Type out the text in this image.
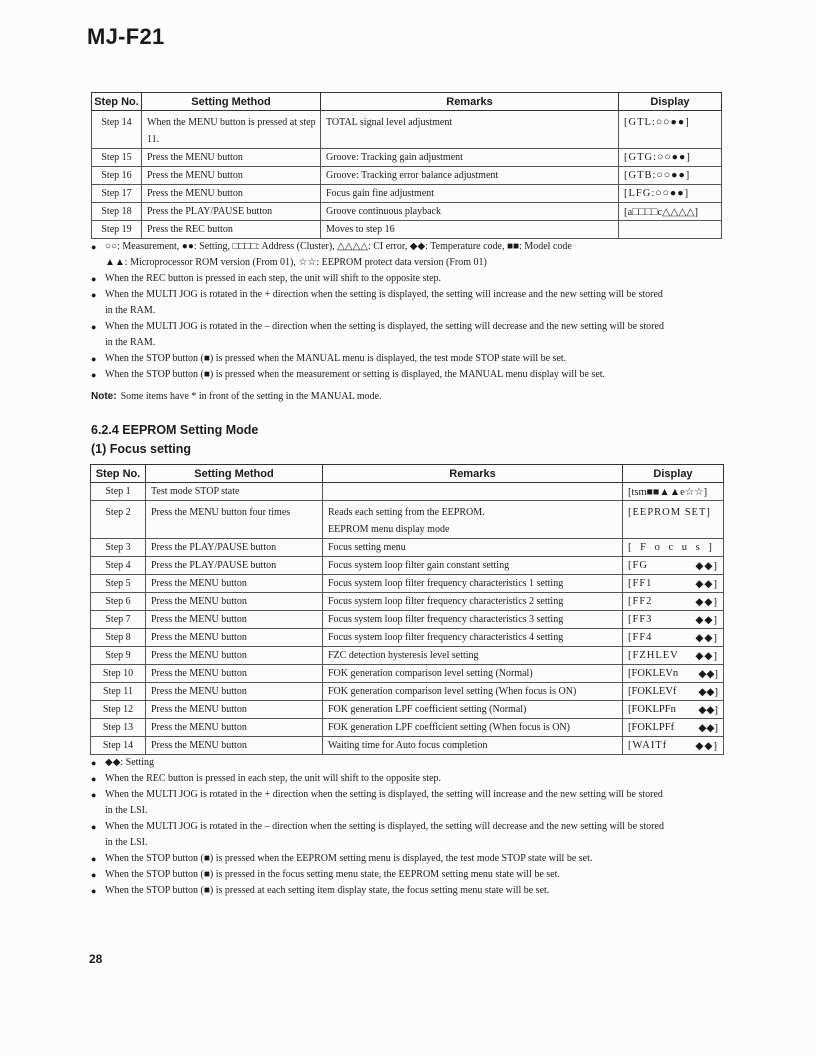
MJ-F21
Step No.	Setting Method	Remarks	Display
Step 14	When the MENU button is pressed at step 11.	TOTAL signal level adjustment	[GTL:○○●●]
Step 15	Press the MENU button	Groove: Tracking gain adjustment	[GTG:○○●●]
Step 16	Press the MENU button	Groove: Tracking error balance adjustment	[GTB:○○●●]
Step 17	Press the MENU button	Focus gain fine adjustment	[LFG:○○●●]
Step 18	Press the PLAY/PAUSE button	Groove continuous playback	[a□□□□c△△△△]
Step 19	Press the REC button	Moves to step 16	
● ○○: Measurement, ●●: Setting, □□□□: Address (Cluster), △△△△: CI error, ◆◆: Temperature code, ■■: Model code
▲▲: Microprocessor ROM version (From 01), ☆☆: EEPROM protect data version (From 01)
● When the REC button is pressed in each step, the unit will shift to the opposite step.
● When the MULTI JOG is rotated in the + direction when the setting is displayed, the setting will increase and the new setting will be stored
in the RAM.
● When the MULTI JOG is rotated in the – direction when the setting is displayed, the setting will decrease and the new setting will be stored
in the RAM.
● When the STOP button (■) is pressed when the MANUAL menu is displayed, the test mode STOP state will be set.
● When the STOP button (■) is pressed when the measurement or setting is displayed, the MANUAL menu display will be set.
Note: Some items have * in front of the setting in the MANUAL mode.
6.2.4 EEPROM Setting Mode
(1) Focus setting
Step No.	Setting Method	Remarks	Display
Step 1	Test mode STOP state		[tsm■■▲▲e☆☆]
Step 2	Press the MENU button four times	Reads each setting from the EEPROM.
EEPROM menu display mode	[EEPROM SET]
Step 3	Press the PLAY/PAUSE button	Focus setting menu	[ F o c u s ]
Step 4	Press the PLAY/PAUSE button	Focus system loop filter gain constant setting	[FG ◆◆]

Step 5	Press the MENU button	Focus system loop filter frequency characteristics 1 setting	[FF1 ◆◆]

Step 6	Press the MENU button	Focus system loop filter frequency characteristics 2 setting	[FF2 ◆◆]

Step 7	Press the MENU button	Focus system loop filter frequency characteristics 3 setting	[FF3 ◆◆]

Step 8	Press the MENU button	Focus system loop filter frequency characteristics 4 setting	[FF4 ◆◆]

Step 9	Press the MENU button	FZC detection hysteresis level setting	[FZHLEV ◆◆]

Step 10	Press the MENU button	FOK generation comparison level setting (Normal)	[FOKLEVn ◆◆]

Step 11	Press the MENU button	FOK generation comparison level setting (When focus is ON)	[FOKLEVf ◆◆]

Step 12	Press the MENU button	FOK generation LPF coefficient setting (Normal)	[FOKLPFn ◆◆]

Step 13	Press the MENU button	FOK generation LPF coefficient setting (When focus is ON)	[FOKLPFf ◆◆]

Step 14	Press the MENU button	Waiting time for Auto focus completion	[WAITf ◆◆]
● ◆◆: Setting
● When the REC button is pressed in each step, the unit will shift to the opposite step.
● When the MULTI JOG is rotated in the + direction when the setting is displayed, the setting will increase and the new setting will be stored
in the LSI.
● When the MULTI JOG is rotated in the – direction when the setting is displayed, the setting will decrease and the new setting will be stored
in the LSI.
● When the STOP button (■) is pressed when the EEPROM setting menu is displayed, the test mode STOP state will be set.
● When the STOP button (■) is pressed in the focus setting menu state, the EEPROM setting menu state will be set.
● When the STOP button (■) is pressed at each setting item display state, the focus setting menu state will be set.
28
